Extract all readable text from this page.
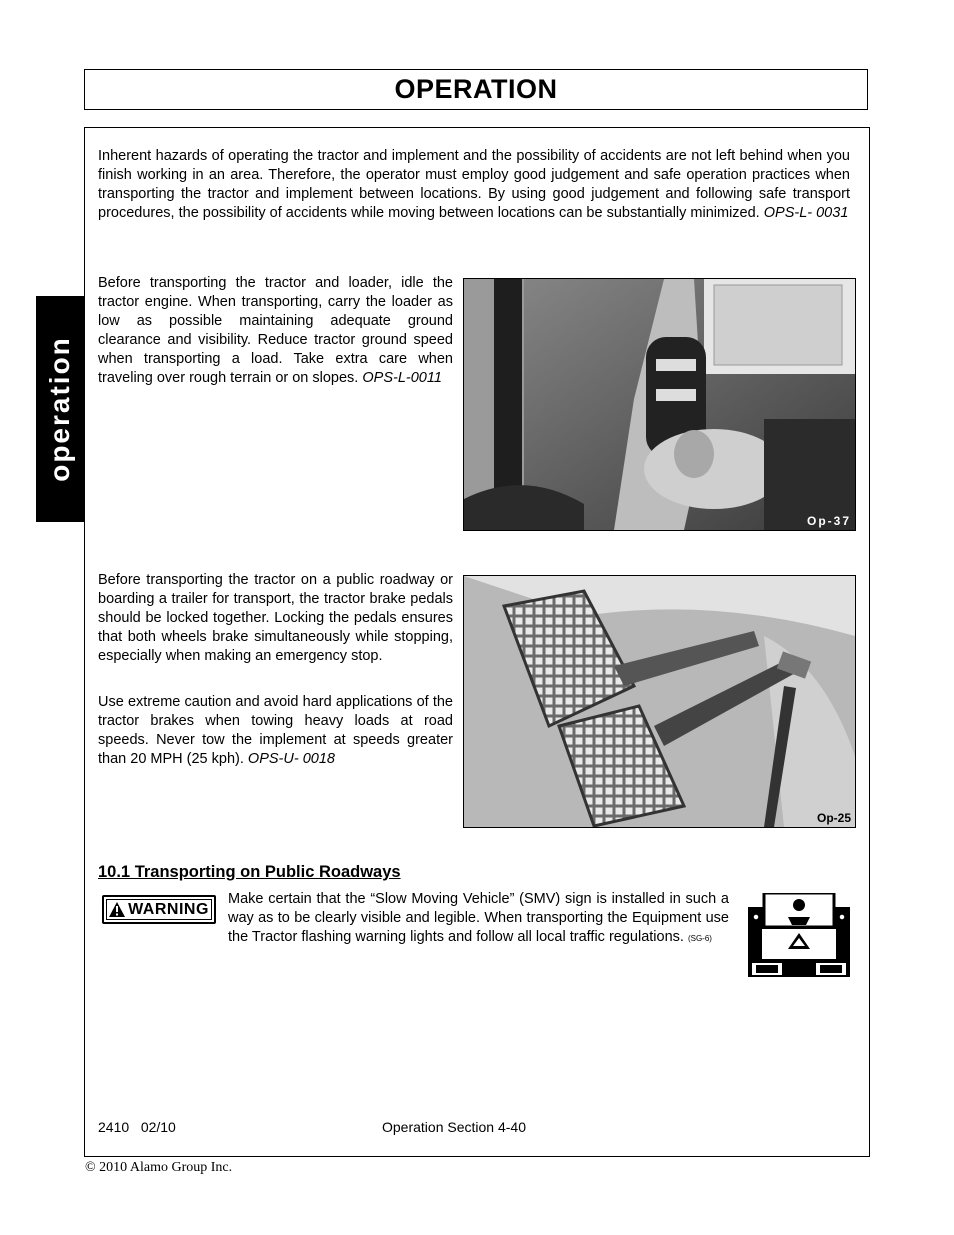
OPERATION
operation

Inherent hazards of operating the tractor and implement and the possibility of accidents are not left behind when you finish working in an area. Therefore, the operator must employ good judgement and safe operation practices when transporting the tractor and implement between locations. By using good judgement and following safe transport procedures, the possibility of accidents while moving between locations can be substantially minimized. OPS-L- 0031

Before transporting the tractor and loader, idle the tractor engine. When transporting, carry the loader as low as possible maintaining adequate ground clearance and visibility. Reduce tractor ground speed when transporting a load. Take extra care when traveling over rough terrain or on slopes. OPS-L-0011

Op-37

Before transporting the tractor on a public roadway or boarding a trailer for transport, the tractor brake pedals should be locked together. Locking the pedals ensures that both wheels brake simultaneously while stopping, especially when making an emergency stop.

Use extreme caution and avoid hard applications of the tractor brakes when towing heavy loads at road speeds. Never tow the implement at speeds greater than 20 MPH (25 kph). OPS-U- 0018

Op-25
10.1 Transporting on Public Roadways
WARNING

Make certain that the “Slow Moving Vehicle” (SMV) sign is installed in such a way as to be clearly visible and legible. When transporting the Equipment use the Tractor flashing warning lights and follow all local traffic regulations. (SG-6)

2410   02/10	Operation Section 4-40
© 2010 Alamo Group Inc.
